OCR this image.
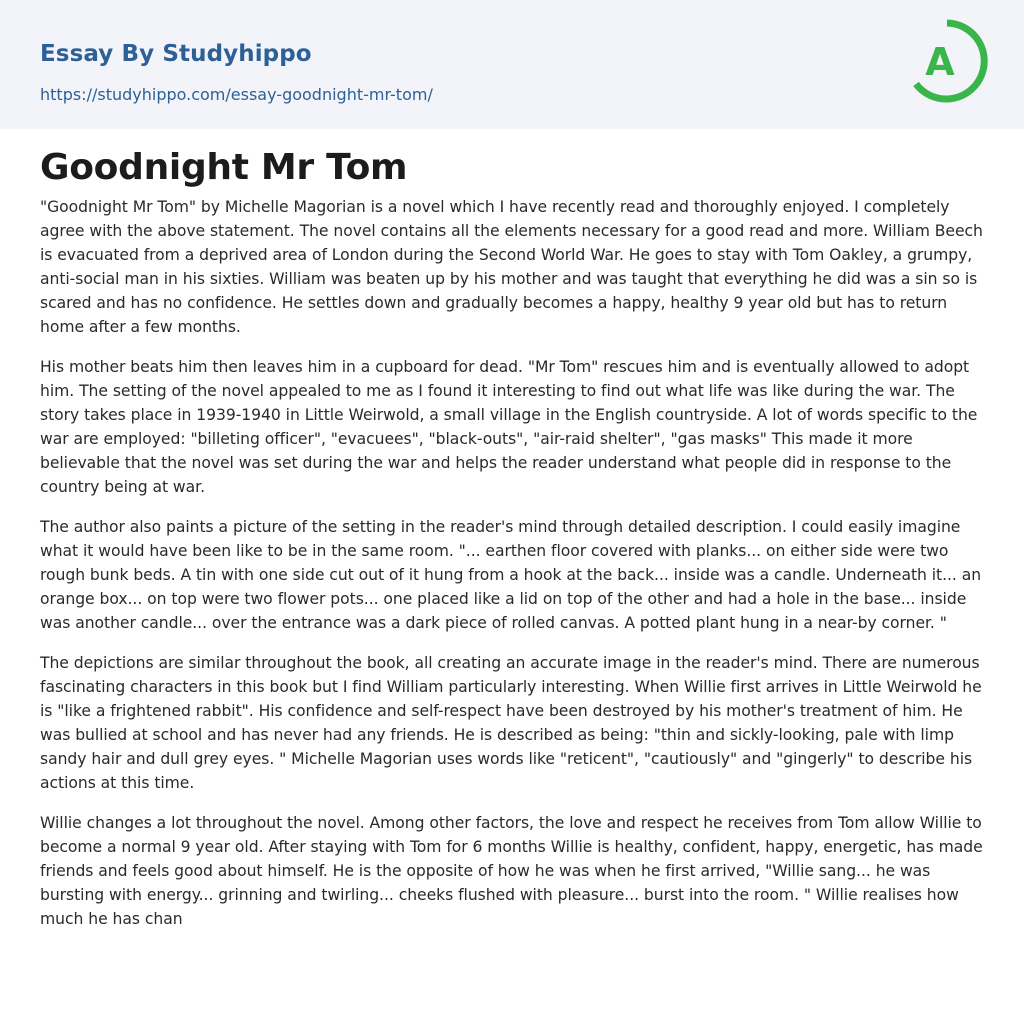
Essay By Studyhippo
https://studyhippo.com/essay-goodnight-mr-tom/
A
Goodnight Mr Tom

"Goodnight Mr Tom" by Michelle Magorian is a novel which I have recently read and thoroughly enjoyed. I completely agree with the above statement. The novel contains all the elements necessary for a good read and more. William Beech is evacuated from a deprived area of London during the Second World War. He goes to stay with Tom Oakley, a grumpy, anti-social man in his sixties. William was beaten up by his mother and was taught that everything he did was a sin so is scared and has no confidence. He settles down and gradually becomes a happy, healthy 9 year old but has to return home after a few months.

His mother beats him then leaves him in a cupboard for dead. "Mr Tom" rescues him and is eventually allowed to adopt him. The setting of the novel appealed to me as I found it interesting to find out what life was like during the war. The story takes place in 1939-1940 in Little Weirwold, a small village in the English countryside. A lot of words specific to the war are employed: "billeting officer", "evacuees", "black-outs", "air-raid shelter", "gas masks" This made it more believable that the novel was set during the war and helps the reader understand what people did in response to the country being at war.

The author also paints a picture of the setting in the reader's mind through detailed description. I could easily imagine what it would have been like to be in the same room. "... earthen floor covered with planks... on either side were two rough bunk beds. A tin with one side cut out of it hung from a hook at the back... inside was a candle. Underneath it... an orange box... on top were two flower pots... one placed like a lid on top of the other and had a hole in the base... inside was another candle... over the entrance was a dark piece of rolled canvas. A potted plant hung in a near-by corner. "

The depictions are similar throughout the book, all creating an accurate image in the reader's mind. There are numerous fascinating characters in this book but I find William particularly interesting. When Willie first arrives in Little Weirwold he is "like a frightened rabbit". His confidence and self-respect have been destroyed by his mother's treatment of him. He was bullied at school and has never had any friends. He is described as being: "thin and sickly-looking, pale with limp sandy hair and dull grey eyes. " Michelle Magorian uses words like "reticent", "cautiously" and "gingerly" to describe his actions at this time.

Willie changes a lot throughout the novel. Among other factors, the love and respect he receives from Tom allow Willie to become a normal 9 year old. After staying with Tom for 6 months Willie is healthy, confident, happy, energetic, has made friends and feels good about himself. He is the opposite of how he was when he first arrived, "Willie sang... he was bursting with energy... grinning and twirling... cheeks flushed with pleasure... burst into the room. " Willie realises how much he has chan
